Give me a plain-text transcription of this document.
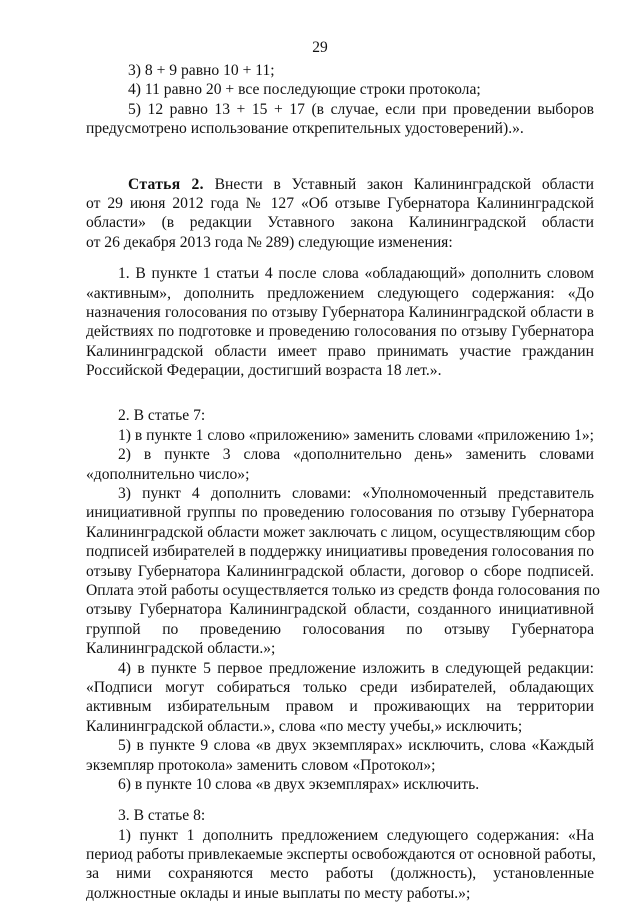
29
3) 8 + 9 равно 10 + 11;
4) 11 равно 20 + все последующие строки протокола;
5) 12 равно 13 + 15 + 17 (в случае, если при проведении выборов
предусмотрено использование открепительных удостоверений).».
Статья 2. Внести в Уставный закон Калининградской области
от 29 июня 2012 года № 127 «Об отзыве Губернатора Калининградской
области» (в редакции Уставного закона Калининградской области
от 26 декабря 2013 года № 289) следующие изменения:
1. В пункте 1 статьи 4 после слова «обладающий» дополнить словом
«активным», дополнить предложением следующего содержания: «До
назначения голосования по отзыву Губернатора Калининградской области в
действиях по подготовке и проведению голосования по отзыву Губернатора
Калининградской области имеет право принимать участие гражданин
Российской Федерации, достигший возраста 18 лет.».
2. В статье 7:
1) в пункте 1 слово «приложению» заменить словами «приложению 1»;
2) в пункте 3 слова «дополнительно день» заменить словами
«дополнительно число»;
3) пункт 4 дополнить словами: «Уполномоченный представитель
инициативной группы по проведению голосования по отзыву Губернатора
Калининградской области может заключать с лицом, осуществляющим сбор
подписей избирателей в поддержку инициативы проведения голосования по
отзыву Губернатора Калининградской области, договор о сборе подписей.
Оплата этой работы осуществляется только из средств фонда голосования по
отзыву Губернатора Калининградской области, созданного инициативной
группой по проведению голосования по отзыву Губернатора
Калининградской области.»;
4) в пункте 5 первое предложение изложить в следующей редакции:
«Подписи могут собираться только среди избирателей, обладающих
активным избирательным правом и проживающих на территории
Калининградской области.», слова «по месту учебы,» исключить;
5) в пункте 9 слова «в двух экземплярах» исключить, слова «Каждый
экземпляр протокола» заменить словом «Протокол»;
6) в пункте 10 слова «в двух экземплярах» исключить.
3. В статье 8:
1) пункт 1 дополнить предложением следующего содержания: «На
период работы привлекаемые эксперты освобождаются от основной работы,
за ними сохраняются место работы (должность), установленные
должностные оклады и иные выплаты по месту работы.»;
